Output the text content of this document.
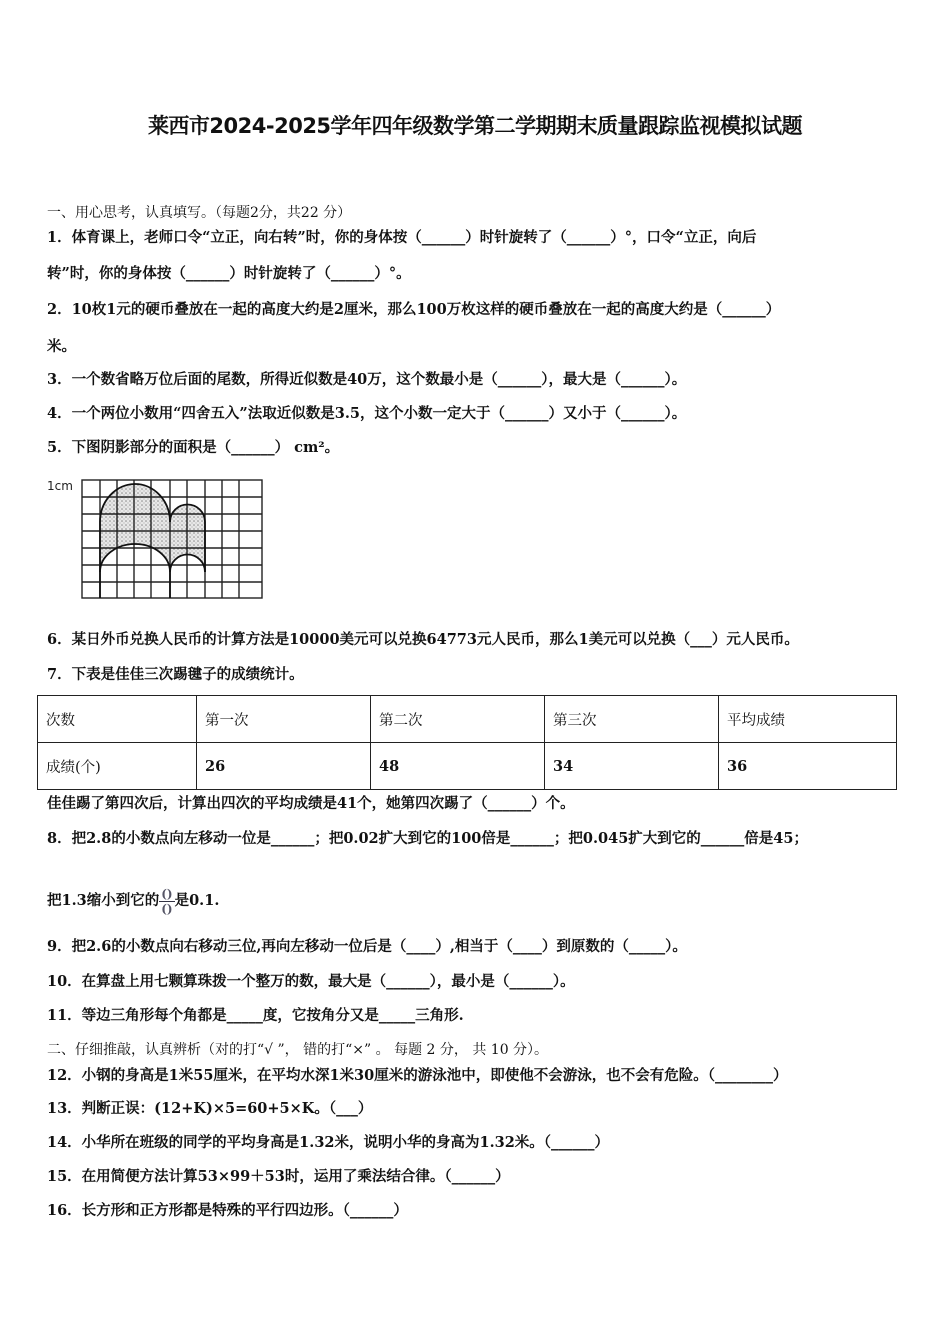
莱西市2024-2025学年四年级数学第二学期期末质量跟踪监视模拟试题
一、用心思考，认真填写。（每题2分，共22 分）
1．体育课上，老师口令“立正，向右转”时，你的身体按（______）时针旋转了（______）°，口令“立正，向后
转”时，你的身体按（______）时针旋转了（______）°。
2．10枚1元的硬币叠放在一起的高度大约是2厘米，那么100万枚这样的硬币叠放在一起的高度大约是（______）
米。
3．一个数省略万位后面的尾数，所得近似数是40万，这个数最小是（______），最大是（______）。
4．一个两位小数用“四舍五入”法取近似数是3.5，这个小数一定大于（______）又小于（______）。
5．下图阴影部分的面积是（______） cm²。
1cm
6．某日外币兑换人民币的计算方法是10000美元可以兑换64773元人民币，那么1美元可以兑换（___）元人民币。
7．下表是佳佳三次踢毽子的成绩统计。
次数	第一次	第二次	第三次	平均成绩
成绩(个)	26	48	34	36
佳佳踢了第四次后，计算出四次的平均成绩是41个，她第四次踢了（______）个。
8．把2.8的小数点向左移动一位是______；把0.02扩大到它的100倍是______；把0.045扩大到它的______倍是45；
把1.3缩小到它的 $\frac{()}{()}$ 是0.1.
9．把2.6的小数点向右移动三位,再向左移动一位后是（____）,相当于（____）到原数的（_____）。
10．在算盘上用七颗算珠拨一个整万的数，最大是（______），最小是（______）。
11．等边三角形每个角都是_____度，它按角分又是_____三角形.
二、仔细推敲，认真辨析（对的打“√ ”， 错的打“×” 。 每题 2 分， 共 10 分）。
12．小钢的身高是1米55厘米，在平均水深1米30厘米的游泳池中，即使他不会游泳，也不会有危险。（________）
13．判断正误：(12+K)×5=60+5×K。（___）
14．小华所在班级的同学的平均身高是1.32米，说明小华的身高为1.32米。（______）
15．在用简便方法计算53×99＋53时，运用了乘法结合律。（______）
16．长方形和正方形都是特殊的平行四边形。（______）
